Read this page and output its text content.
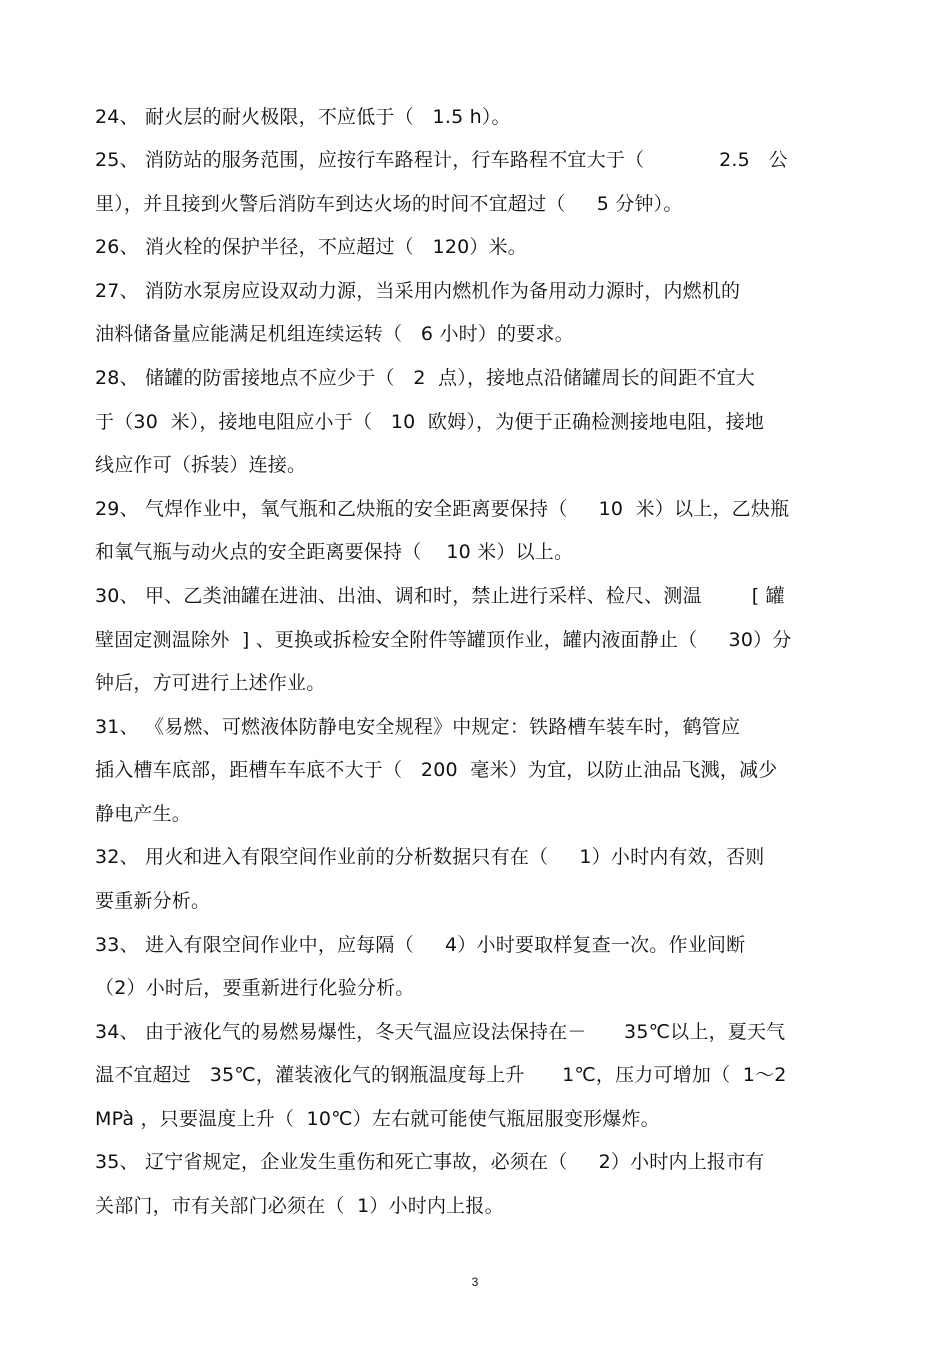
24、 耐火层的耐火极限，不应低于（   1.5 h）。
25、 消防站的服务范围，应按行车路程计，行车路程不宜大于（            2.5   公
里），并且接到火警后消防车到达火场的时间不宜超过（     5 分钟）。
26、 消火栓的保护半径，不应超过（   120）米。
27、 消防水泵房应设双动力源，当采用内燃机作为备用动力源时，内燃机的
油料储备量应能满足机组连续运转（   6 小时）的要求。
28、 储罐的防雷接地点不应少于（   2  点），接地点沿储罐周长的间距不宜大
于（30  米），接地电阻应小于（   10  欧姆），为便于正确检测接地电阻，接地
线应作可（拆装）连接。
29、 气焊作业中，氧气瓶和乙炔瓶的安全距离要保持（     10  米）以上，乙炔瓶
和氧气瓶与动火点的安全距离要保持（    10 米）以上。
30、 甲、乙类油罐在进油、出油、调和时，禁止进行采样、检尺、测温        [ 罐
壁固定测温除外  ] 、更换或拆检安全附件等罐顶作业，罐内液面静止（     30）分
钟后，方可进行上述作业。
31、 《易燃、可燃液体防静电安全规程》中规定：铁路槽车装车时，鹤管应
插入槽车底部，距槽车车底不大于（   200  毫米）为宜，以防止油品飞溅，减少
静电产生。
32、 用火和进入有限空间作业前的分析数据只有在（     1）小时内有效，否则
要重新分析。
33、 进入有限空间作业中，应每隔（     4）小时要取样复查一次。作业间断
（2）小时后，要重新进行化验分析。
34、 由于液化气的易燃易爆性，冬天气温应设法保持在－      35℃以上，夏天气
温不宜超过   35℃，灌装液化气的钢瓶温度每上升      1℃，压力可增加（  1～2
MPà ，只要温度上升（  10℃）左右就可能使气瓶屈服变形爆炸。
35、 辽宁省规定，企业发生重伤和死亡事故，必须在（     2）小时内上报市有
关部门，市有关部门必须在（  1）小时内上报。
3
